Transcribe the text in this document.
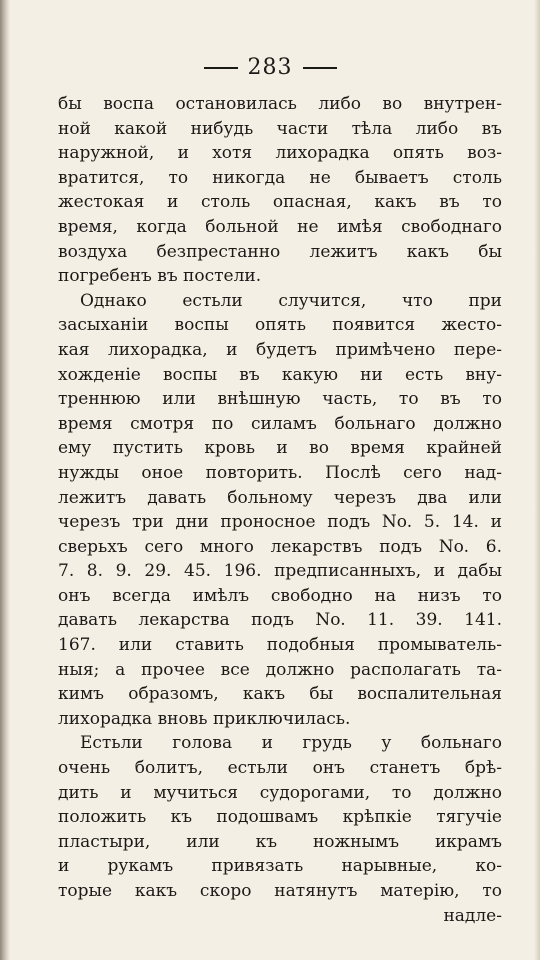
283
бы воспа остановилась либо во внутрен-
ной какой нибудь части тѣла либо въ
наружной, и хотя лихорадка опять воз-
вратится, то никогда не бываетъ столь
жестокая и столь опасная, какъ въ то
время, когда больной не имѣя свободнаго
воздуха безпрестанно лежитъ какъ бы
погребенъ въ постели.
Однако естьли случится, что при
засыханiи воспы опять появится жесто-
кая лихорадка, и будетъ примѣчено пере-
хожденiе воспы въ какую ни есть вну-
треннюю или внѣшную часть, то въ то
время смотря по силамъ больнаго должно
ему пустить кровь и во время крайней
нужды оное повторить. Послѣ сего над-
лежитъ давать больному черезъ два или
черезъ три дни проносное подъ No. 5. 14. и
сверьхъ сего много лекарствъ подъ No. 6.
7. 8. 9. 29. 45. 196. предписанныхъ, и дабы
онъ всегда имѣлъ свободно на низъ то
давать лекарства подъ No. 11. 39. 141.
167. или ставить подобныя промыватель-
ныя; а прочее все должно располагать та-
кимъ образомъ, какъ бы воспалительная
лихорадка вновь приключилась.
Естьли голова и грудь у больнаго
очень болитъ, естьли онъ станетъ брѣ-
дить и мучиться судорогами, то должно
положить къ подошвамъ крѣпкiе тягучiе
пластыри, или къ ножнымъ икрамъ
и рукамъ привязать нарывные, ко-
торые какъ скоро натянутъ матерiю, то
надле-
